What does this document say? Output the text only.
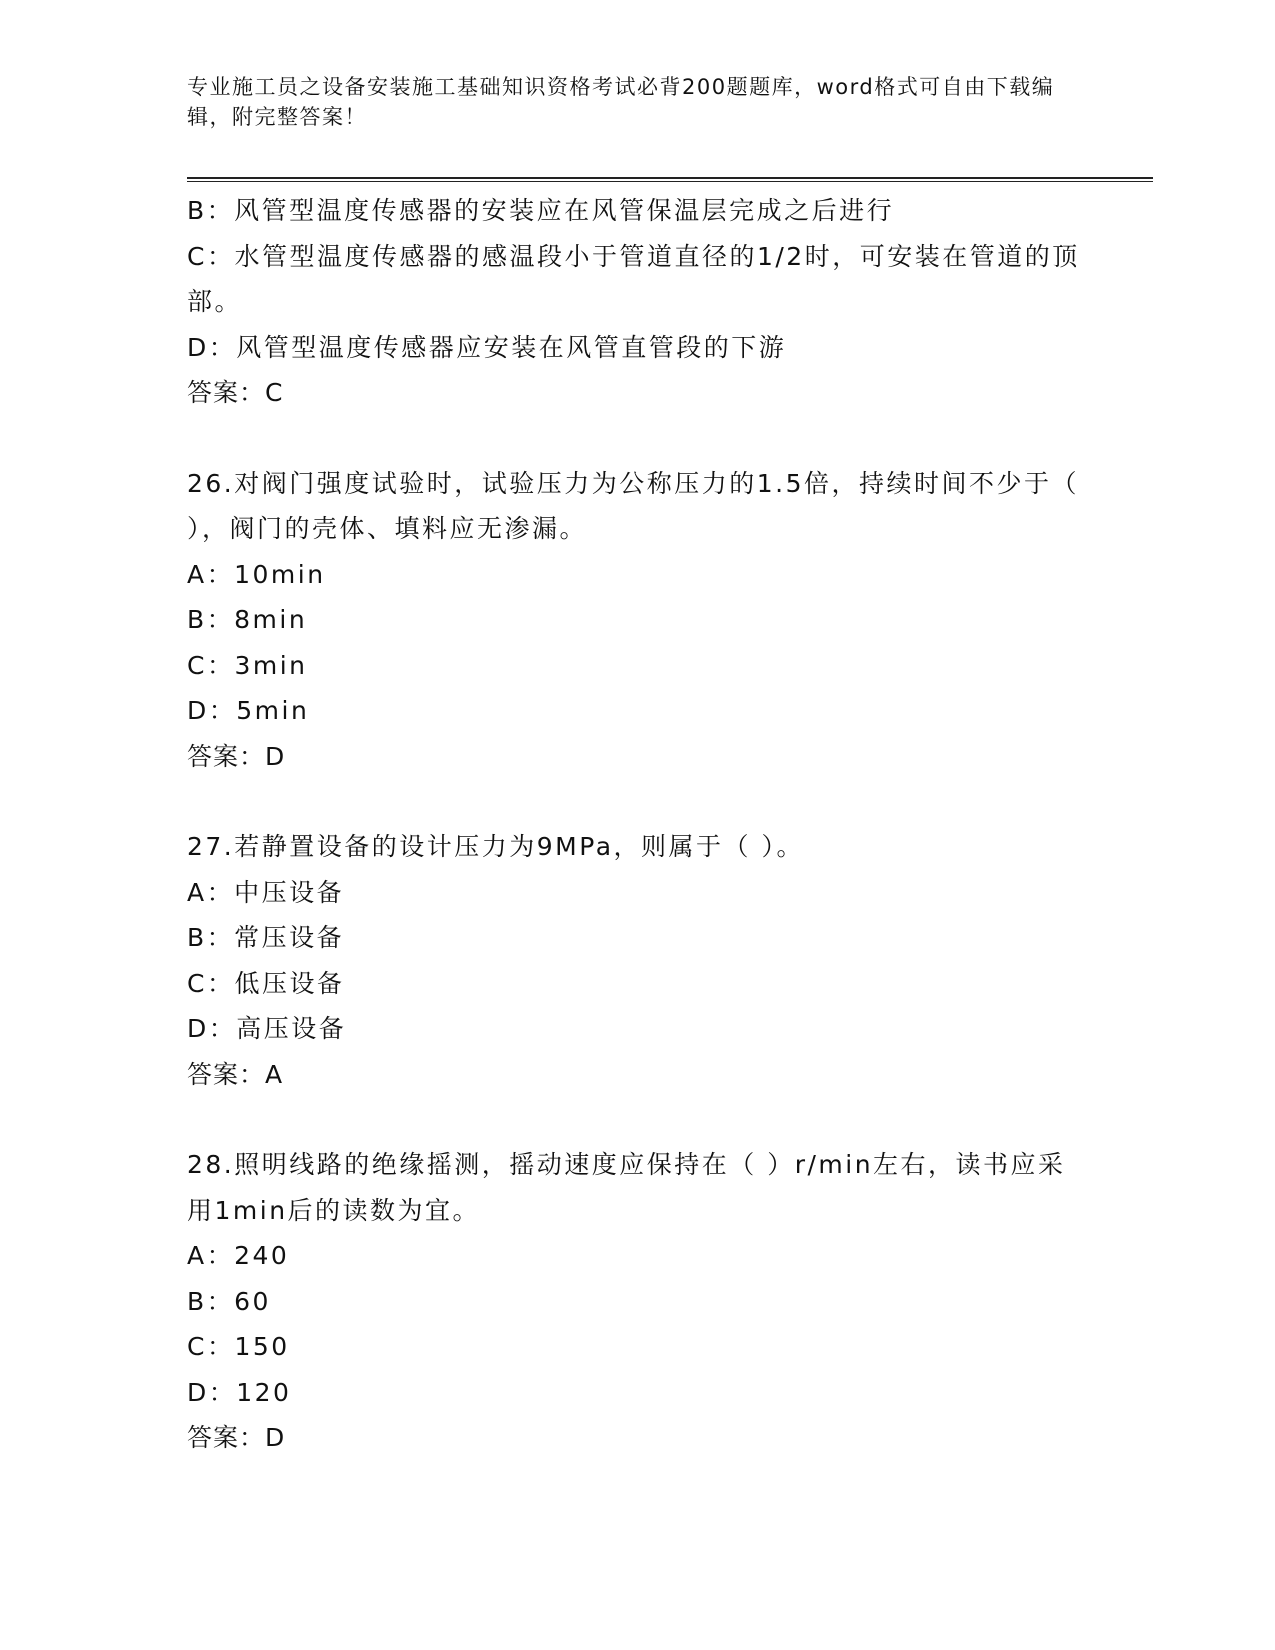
专业施工员之设备安装施工基础知识资格考试必背200题题库，word格式可自由下载编辑，附完整答案！
B：风管型温度传感器的安装应在风管保温层完成之后进行
C：水管型温度传感器的感温段小于管道直径的1/2时，可安装在管道的顶部。
D：风管型温度传感器应安装在风管直管段的下游
答案：C
26.对阀门强度试验时，试验压力为公称压力的1.5倍，持续时间不少于（ ），阀门的壳体、填料应无渗漏。
A：10min
B：8min
C：3min
D：5min
答案：D
27.若静置设备的设计压力为9MPa，则属于（ ）。
A：中压设备
B：常压设备
C：低压设备
D：高压设备
答案：A
28.照明线路的绝缘摇测，摇动速度应保持在（ ）r/min左右，读书应采用1min后的读数为宜。
A：240
B：60
C：150
D：120
答案：D
